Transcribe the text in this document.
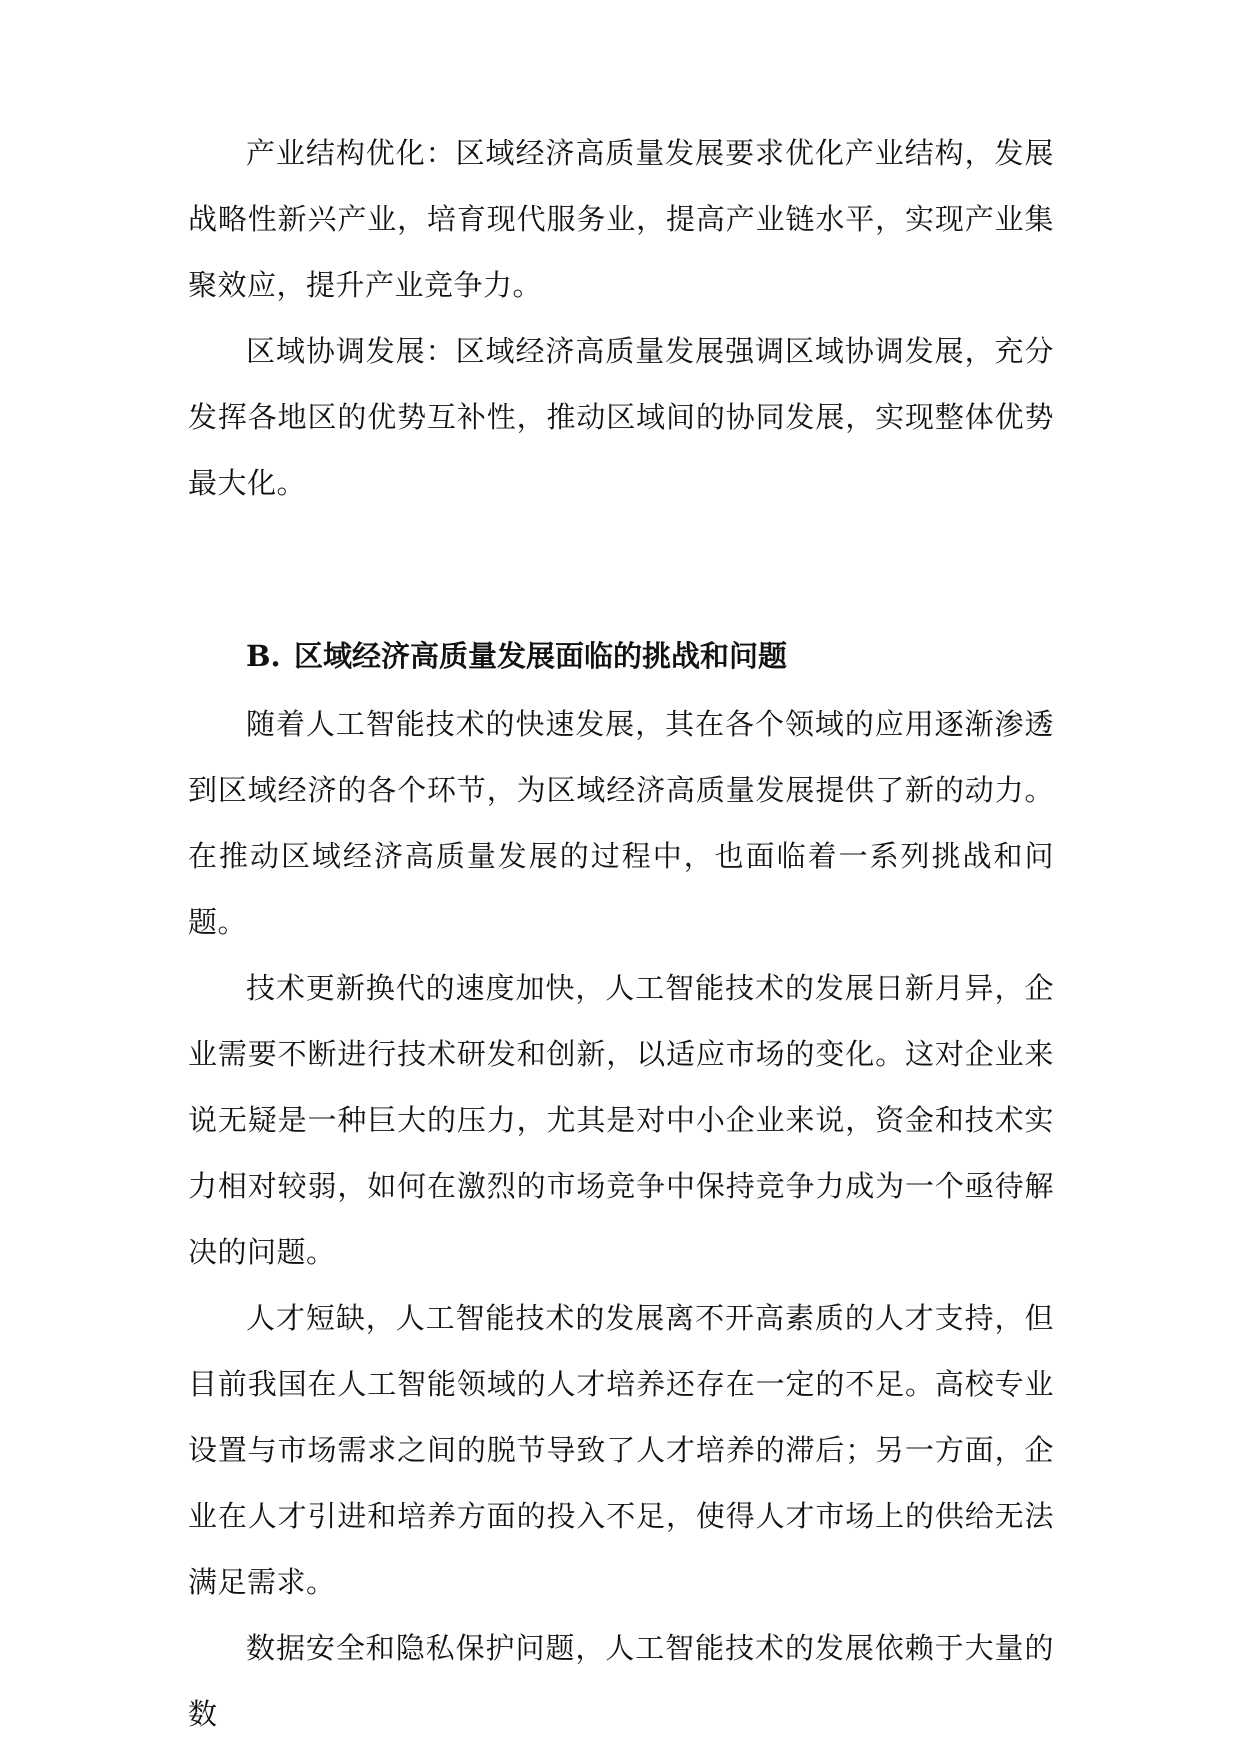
产业结构优化：区域经济高质量发展要求优化产业结构，发展战略性新兴产业，培育现代服务业，提高产业链水平，实现产业集聚效应，提升产业竞争力。

区域协调发展：区域经济高质量发展强调区域协调发展，充分发挥各地区的优势互补性，推动区域间的协同发展，实现整体优势最大化。

B. 区域经济高质量发展面临的挑战和问题

随着人工智能技术的快速发展，其在各个领域的应用逐渐渗透到区域经济的各个环节，为区域经济高质量发展提供了新的动力。在推动区域经济高质量发展的过程中，也面临着一系列挑战和问题。

技术更新换代的速度加快，人工智能技术的发展日新月异，企业需要不断进行技术研发和创新，以适应市场的变化。这对企业来说无疑是一种巨大的压力，尤其是对中小企业来说，资金和技术实力相对较弱，如何在激烈的市场竞争中保持竞争力成为一个亟待解决的问题。

人才短缺，人工智能技术的发展离不开高素质的人才支持，但目前我国在人工智能领域的人才培养还存在一定的不足。高校专业设置与市场需求之间的脱节导致了人才培养的滞后；另一方面，企业在人才引进和培养方面的投入不足，使得人才市场上的供给无法满足需求。

数据安全和隐私保护问题，人工智能技术的发展依赖于大量的数
